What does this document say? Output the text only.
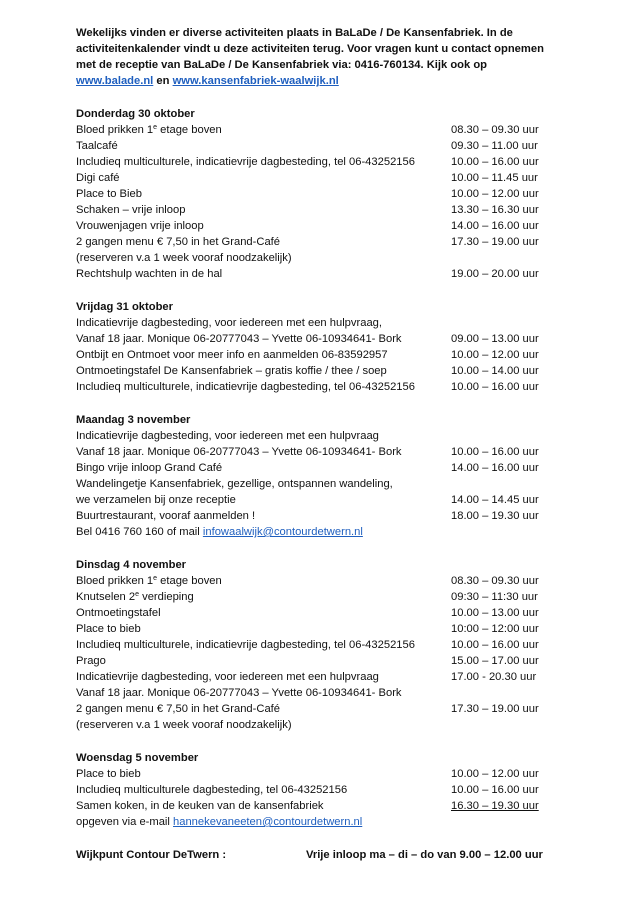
Wekelijks vinden er diverse activiteiten plaats in BaLaDe / De Kansenfabriek. In de activiteitenkalender vindt u deze activiteiten terug. Voor vragen kunt u contact opnemen met de receptie van BaLaDe / De Kansenfabriek via: 0416-760134. Kijk ook op www.balade.nl en www.kansenfabriek-waalwijk.nl

Donderdag 30 oktober
Bloed prikken 1e etage boven	08.30 – 09.30 uur
Taalcafé	09.30 – 11.00 uur
Includieq multiculturele, indicatievrije dagbesteding, tel 06-43252156	10.00 – 16.00 uur
Digi café	10.00 – 11.45 uur
Place to Bieb	10.00 – 12.00 uur
Schaken – vrije inloop	13.30 – 16.30 uur
Vrouwenjagen vrije inloop	14.00 – 16.00 uur
2 gangen menu € 7,50 in het Grand-Café	17.30 – 19.00 uur
(reserveren v.a 1 week vooraf noodzakelijk)
Rechtshulp wachten in de hal	19.00 – 20.00 uur
Vrijdag 31 oktober
Indicatievrije dagbesteding, voor iedereen met een hulpvraag,
Vanaf 18 jaar. Monique 06-20777043 – Yvette 06-10934641- Bork	09.00 – 13.00 uur
Ontbijt en Ontmoet voor meer info en aanmelden 06-83592957	10.00 – 12.00 uur
Ontmoetingstafel De Kansenfabriek – gratis koffie / thee / soep	10.00 – 14.00 uur
Includieq multiculturele, indicatievrije dagbesteding, tel 06-43252156	10.00 – 16.00 uur
Maandag 3 november
Indicatievrije dagbesteding, voor iedereen met een hulpvraag
Vanaf 18 jaar. Monique 06-20777043 – Yvette 06-10934641- Bork	10.00 – 16.00 uur
Bingo vrije inloop Grand Café	14.00 – 16.00 uur
Wandelingetje Kansenfabriek, gezellige, ontspannen wandeling,
we verzamelen bij onze receptie	14.00 – 14.45 uur
Buurtrestaurant, vooraf aanmelden !	18.00 – 19.30 uur
Bel 0416 760 160 of mail infowaalwijk@contourdetwern.nl
Dinsdag 4 november
Bloed prikken 1e etage boven	08.30 – 09.30 uur
Knutselen 2e verdieping	09:30 – 11:30 uur
Ontmoetingstafel	10.00 – 13.00 uur
Place to bieb	10:00 – 12:00 uur
Includieq multiculturele, indicatievrije dagbesteding, tel 06-43252156	10.00 – 16.00 uur
Prago	15.00 – 17.00 uur
Indicatievrije dagbesteding, voor iedereen met een hulpvraag	17.00 - 20.30 uur
Vanaf 18 jaar. Monique 06-20777043 – Yvette 06-10934641- Bork
2 gangen menu € 7,50 in het Grand-Café	17.30 – 19.00 uur
(reserveren v.a 1 week vooraf noodzakelijk)
Woensdag 5 november
Place to bieb	10.00 – 12.00 uur
Includieq multiculturele dagbesteding, tel 06-43252156	10.00 – 16.00 uur
Samen koken, in de keuken van de kansenfabriek	16.30 – 19.30 uur
opgeven via e-mail hannekevaneeten@contourdetwern.nl
Wijkpunt Contour DeTwern :	Vrije inloop ma – di – do van 9.00 – 12.00 uur
